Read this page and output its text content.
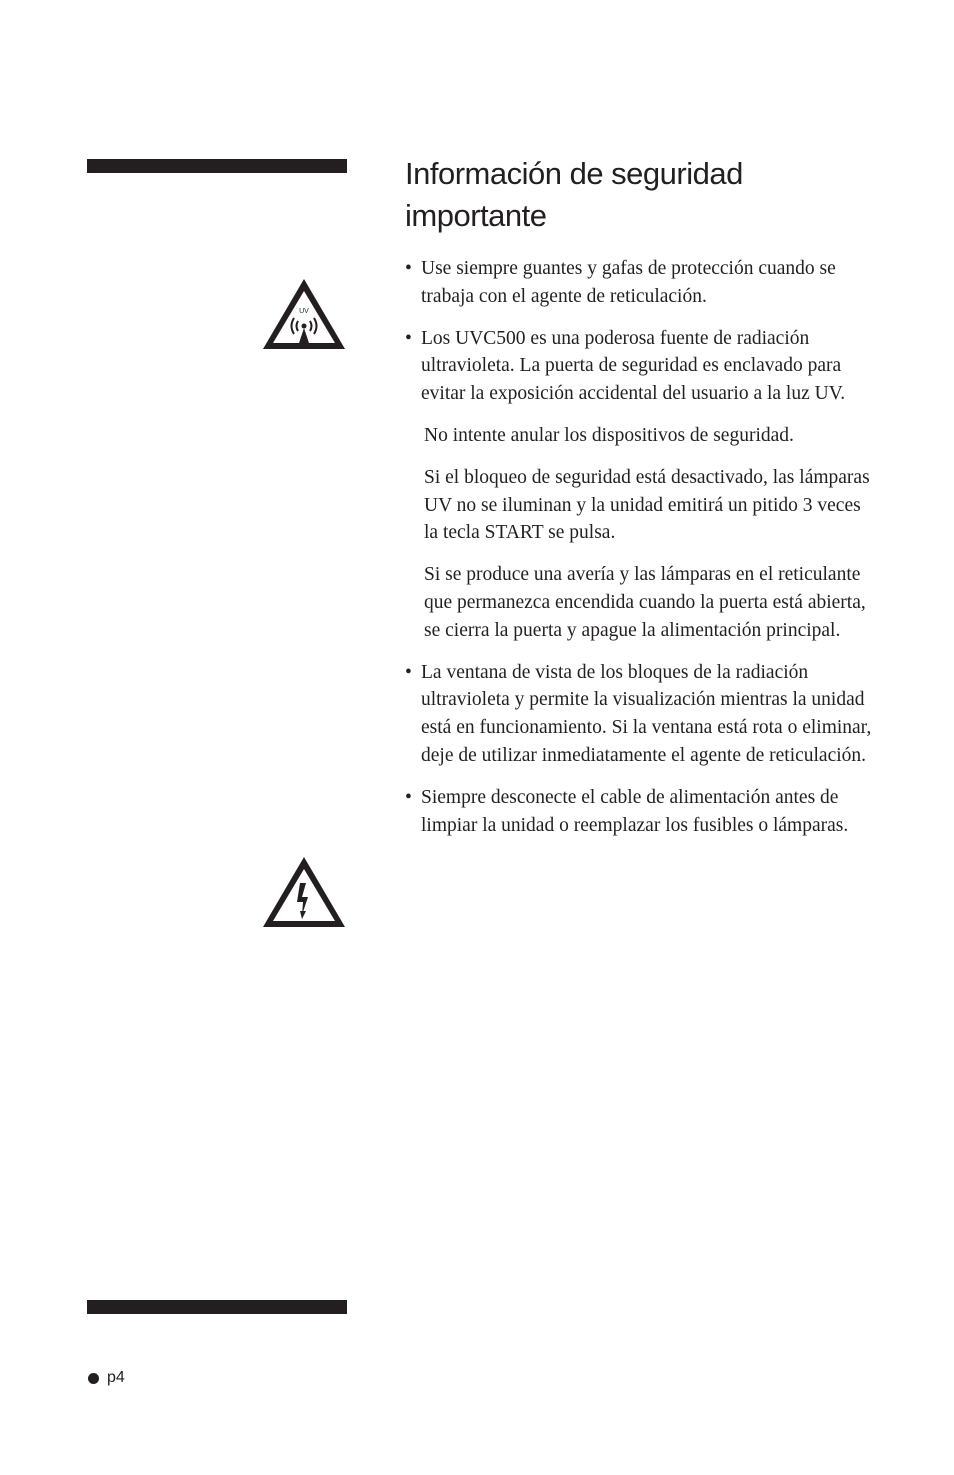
Información de seguridad
importante
UV

• Use siempre guantes y gafas de protección cuando se trabaja con el agente de reticulación.

• Los UVC500 es una poderosa fuente de radiación ultravioleta. La puerta de seguridad es enclavado para evitar la exposición accidental del usuario a la luz UV.

No intente anular los dispositivos de seguridad.

Si el bloqueo de seguridad está desactivado, las lámparas UV no se iluminan y la unidad emitirá un pitido 3 veces la tecla START se pulsa.

Si se produce una avería y las lámparas en el reticulante que permanezca encendida cuando la puerta está abierta, se cierra la puerta y apague la alimentación principal.

• La ventana de vista de los bloques de la radiación ultravioleta y permite la visualización mientras la unidad está en funcionamiento. Si la ventana está rota o eliminar, deje de utilizar inmediatamente el agente de reticulación.

• Siempre desconecte el cable de alimentación antes de limpiar la unidad o reemplazar los fusibles o lámparas.

p4
